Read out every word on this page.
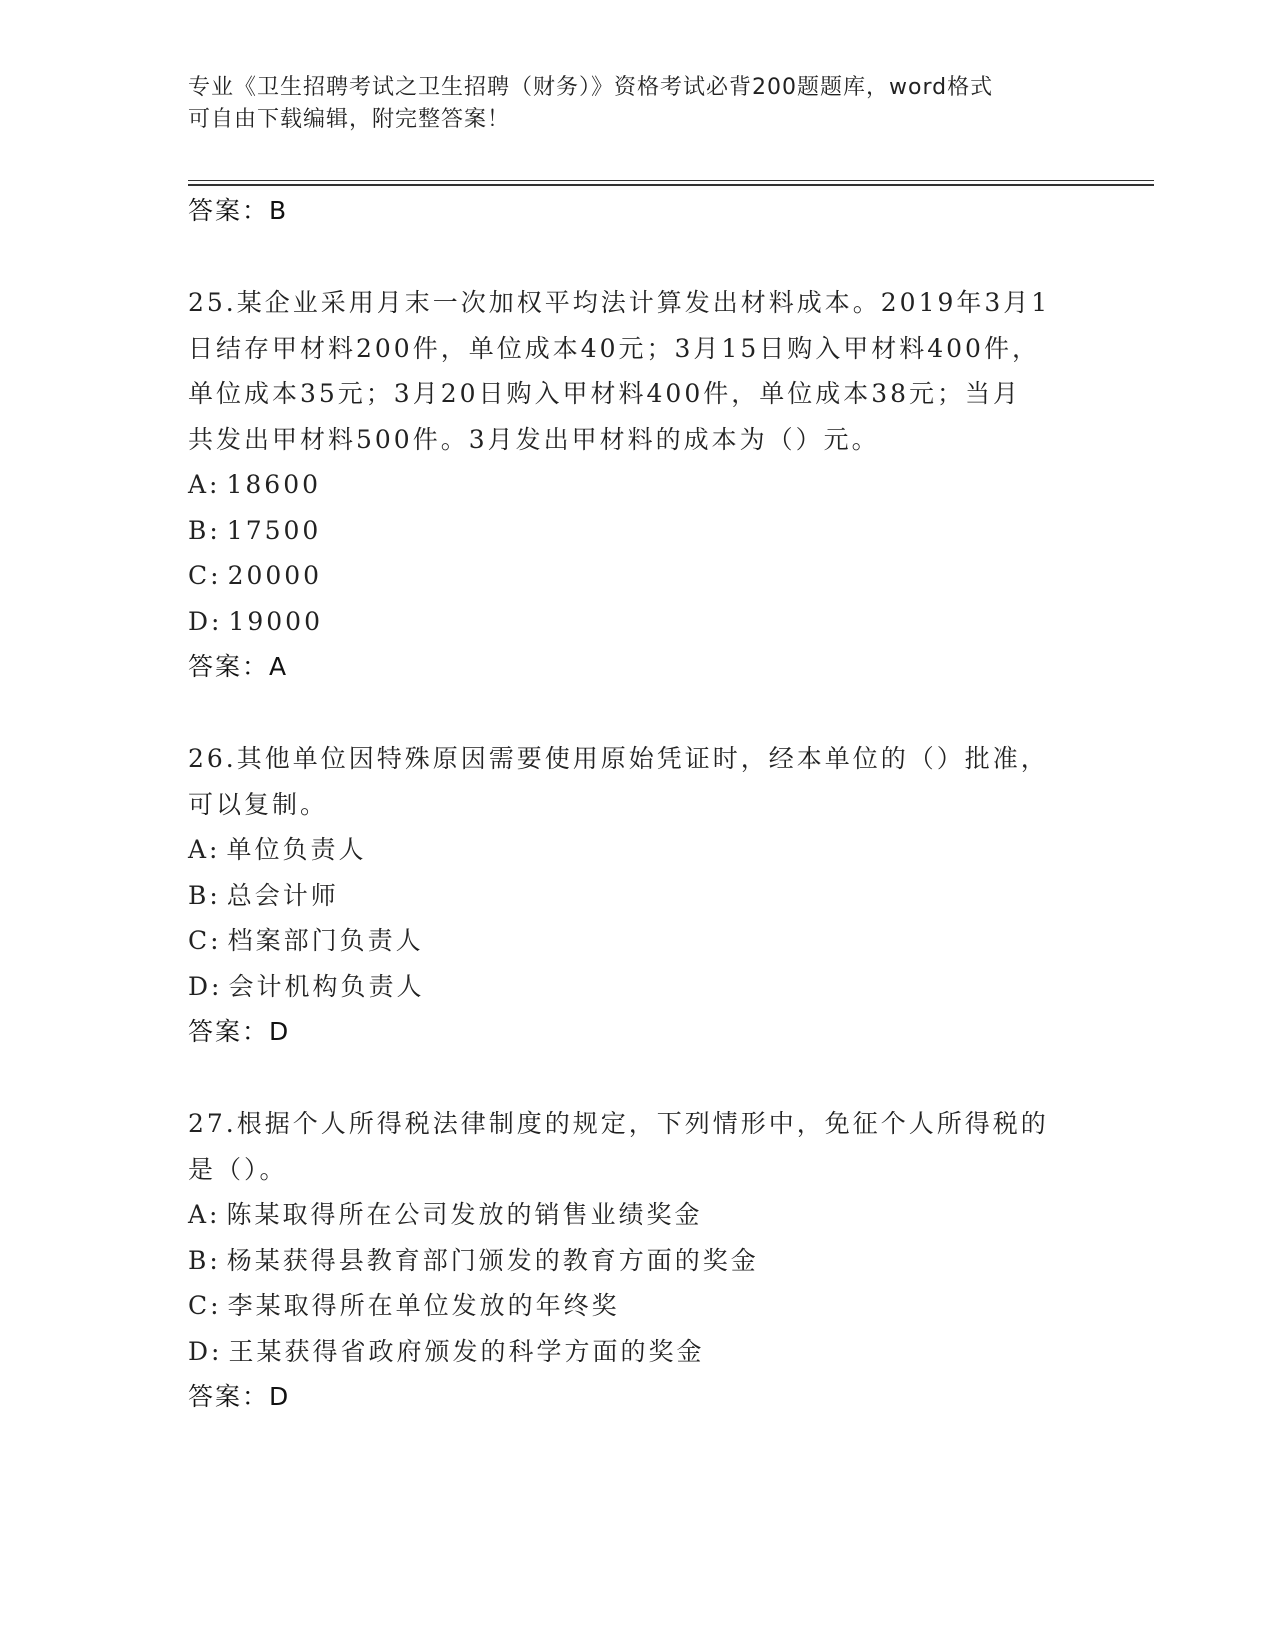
专业《卫生招聘考试之卫生招聘（财务）》资格考试必背200题题库，word格式
可自由下载编辑，附完整答案！
答案：B
25.某企业采用月末一次加权平均法计算发出材料成本。2019年3月1
日结存甲材料200件，单位成本40元；3月15日购入甲材料400件，
单位成本35元；3月20日购入甲材料400件，单位成本38元；当月
共发出甲材料500件。3月发出甲材料的成本为（）元。
A: 18600
B: 17500
C: 20000
D: 19000
答案：A
26.其他单位因特殊原因需要使用原始凭证时，经本单位的（）批准，
可以复制。
A: 单位负责人
B: 总会计师
C: 档案部门负责人
D: 会计机构负责人
答案：D
27.根据个人所得税法律制度的规定，下列情形中，免征个人所得税的
是（）。
A: 陈某取得所在公司发放的销售业绩奖金
B: 杨某获得县教育部门颁发的教育方面的奖金
C: 李某取得所在单位发放的年终奖
D: 王某获得省政府颁发的科学方面的奖金
答案：D
